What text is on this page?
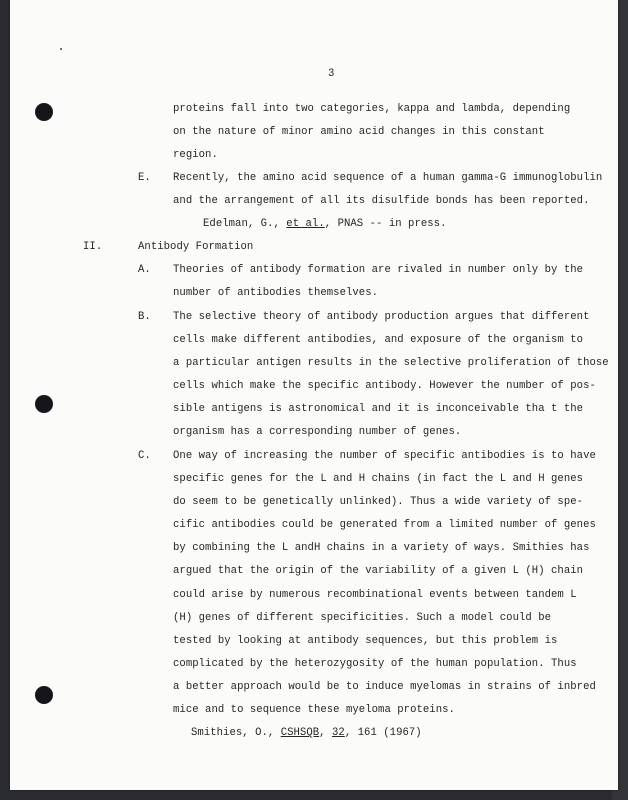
3
proteins fall into two categories, kappa and lambda, depending
on the nature of minor amino acid changes in this constant
region.
E. Recently, the amino acid sequence of a human gamma-G immunoglobulin
and the arrangement of all its disulfide bonds has been reported.
Edelman, G., et al., PNAS -- in press.
II.	Antibody Formation
A. Theories of antibody formation are rivaled in number only by the
number of antibodies themselves.
B. The selective theory of antibody production argues that different
cells make different antibodies, and exposure of the organism to
a particular antigen results in the selective proliferation of those
cells which make the specific antibody. However the number of pos-
sible antigens is astronomical and it is inconceivable tha t the
organism has a corresponding number of genes.
C. One way of increasing the number of specific antibodies is to have
specific genes for the L and H chains (in fact the L and H genes
do seem to be genetically unlinked). Thus a wide variety of spe-
cific antibodies could be generated from a limited number of genes
by combining the L andH chains in a variety of ways. Smithies has
argued that the origin of the variability of a given L (H) chain
could arise by numerous recombinational events between tandem L
(H) genes of different specificities. Such a model could be
tested by looking at antibody sequences, but this problem is
complicated by the heterozygosity of the human population. Thus
a better approach would be to induce myelomas in strains of inbred
mice and to sequence these myeloma proteins.
Smithies, O., CSHSQB, 32, 161 (1967)
